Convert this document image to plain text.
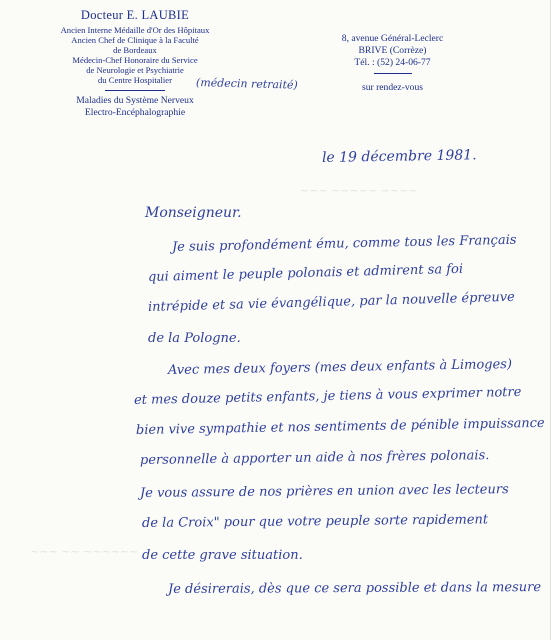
Docteur E. LAUBIE
Ancien Interne Médaille d'Or des Hôpitaux
Ancien Chef de Clinique à la Faculté
de Bordeaux
Médecin-Chef Honoraire du Service
de Neurologie et Psychiatrie
du Centre Hospitalier
Maladies du Système Nerveux
Electro-Encéphalographie
8, avenue Général-Leclerc
BRIVE (Corrèze)
Tél. : (52) 24-06-77
sur rendez-vous
(médecin retraité)
~~~ ~~~~~ ~~~~
~~~ ~~ ~~~~~~
le 19 décembre 1981.
Monseigneur.
Je suis profondément ému, comme tous les Français
qui aiment le peuple polonais et admirent sa foi
intrépide et sa vie évangélique, par la nouvelle épreuve
de la Pologne.
Avec mes deux foyers (mes deux enfants à Limoges)
et mes douze petits enfants, je tiens à vous exprimer notre
bien vive sympathie et nos sentiments de pénible impuissance
personnelle à apporter un aide à nos frères polonais.
Je vous assure de nos prières en union avec les lecteurs
de la Croix" pour que votre peuple sorte rapidement
de cette grave situation.
Je désirerais, dès que ce sera possible et dans la mesure
